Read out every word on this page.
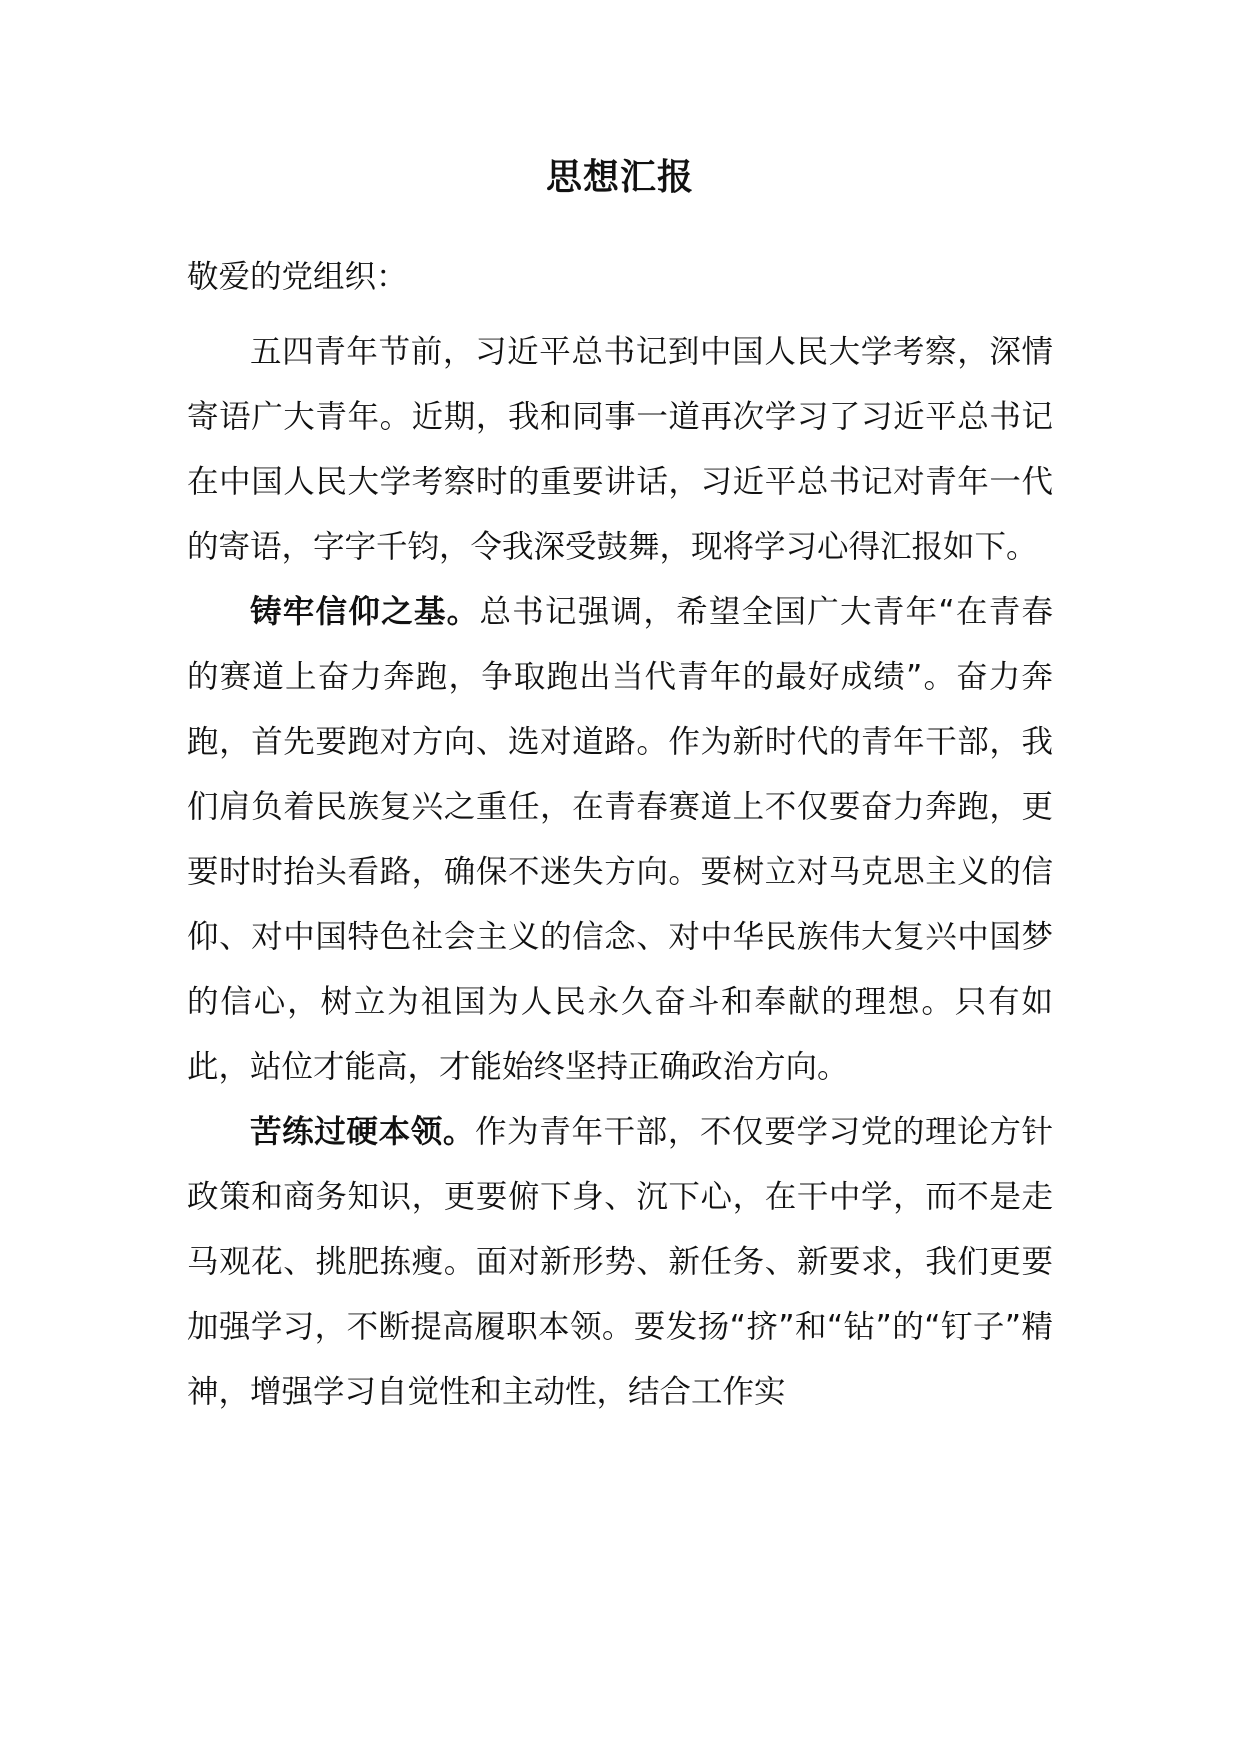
思想汇报
敬爱的党组织：

五四青年节前，习近平总书记到中国人民大学考察，深情寄语广大青年。近期，我和同事一道再次学习了习近平总书记在中国人民大学考察时的重要讲话，习近平总书记对青年一代的寄语，字字千钧，令我深受鼓舞，现将学习心得汇报如下。

铸牢信仰之基。总书记强调，希望全国广大青年“在青春的赛道上奋力奔跑，争取跑出当代青年的最好成绩”。奋力奔跑，首先要跑对方向、选对道路。作为新时代的青年干部，我们肩负着民族复兴之重任，在青春赛道上不仅要奋力奔跑，更要时时抬头看路，确保不迷失方向。要树立对马克思主义的信仰、对中国特色社会主义的信念、对中华民族伟大复兴中国梦的信心，树立为祖国为人民永久奋斗和奉献的理想。只有如此，站位才能高，才能始终坚持正确政治方向。

苦练过硬本领。作为青年干部，不仅要学习党的理论方针政策和商务知识，更要俯下身、沉下心，在干中学，而不是走马观花、挑肥拣瘦。面对新形势、新任务、新要求，我们更要加强学习，不断提高履职本领。要发扬“挤”和“钻”的“钉子”精神，增强学习自觉性和主动性，结合工作实
